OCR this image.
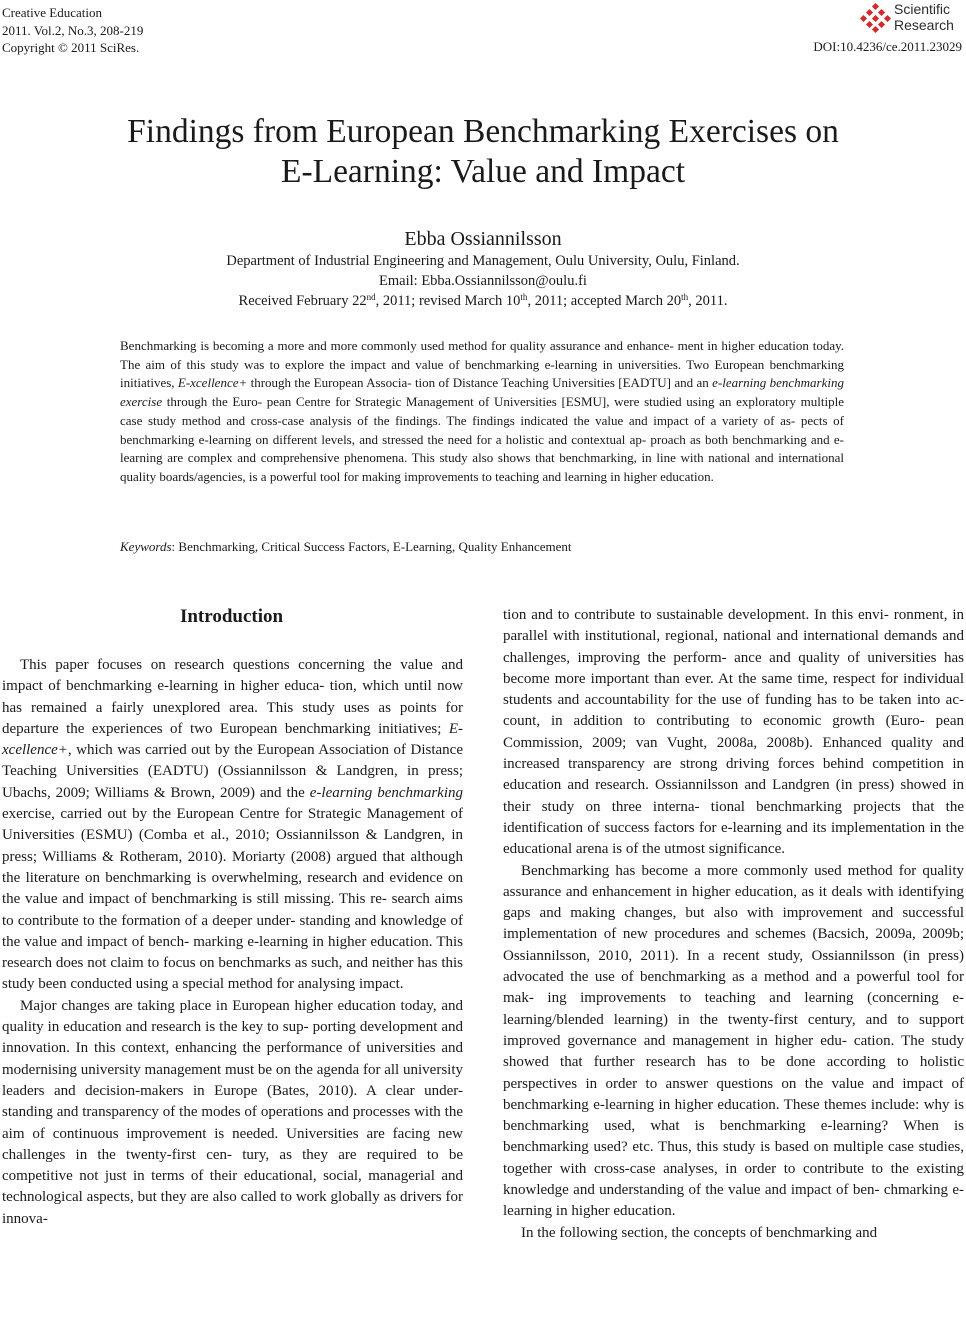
Creative Education
2011. Vol.2, No.3, 208-219
Copyright © 2011 SciRes.
Scientific
Research
DOI:10.4236/ce.2011.23029
Findings from European Benchmarking Exercises on
E-Learning: Value and Impact
Ebba Ossiannilsson
Department of Industrial Engineering and Management, Oulu University, Oulu, Finland.
Email: Ebba.Ossiannilsson@oulu.fi
Received February 22nd, 2011; revised March 10th, 2011; accepted March 20th, 2011.
Benchmarking is becoming a more and more commonly used method for quality assurance and enhance- ment in higher education today. The aim of this study was to explore the impact and value of benchmarking e-learning in universities. Two European benchmarking initiatives, E-xcellence+ through the European Associa- tion of Distance Teaching Universities [EADTU] and an e-learning benchmarking exercise through the Euro- pean Centre for Strategic Management of Universities [ESMU], were studied using an exploratory multiple case study method and cross-case analysis of the findings. The findings indicated the value and impact of a variety of as- pects of benchmarking e-learning on different levels, and stressed the need for a holistic and contextual ap- proach as both benchmarking and e-learning are complex and comprehensive phenomena. This study also shows that benchmarking, in line with national and international quality boards/agencies, is a powerful tool for making improvements to teaching and learning in higher education.
Keywords: Benchmarking, Critical Success Factors, E-Learning, Quality Enhancement
Introduction

This paper focuses on research questions concerning the value and impact of benchmarking e-learning in higher educa- tion, which until now has remained a fairly unexplored area. This study uses as points for departure the experiences of two European benchmarking initiatives; E-xcellence+, which was carried out by the European Association of Distance Teaching Universities (EADTU) (Ossiannilsson & Landgren, in press; Ubachs, 2009; Williams & Brown, 2009) and the e-learning benchmarking exercise, carried out by the European Centre for Strategic Management of Universities (ESMU) (Comba et al., 2010; Ossiannilsson & Landgren, in press; Williams & Rotheram, 2010). Moriarty (2008) argued that although the literature on benchmarking is overwhelming, research and evidence on the value and impact of benchmarking is still missing. This re- search aims to contribute to the formation of a deeper under- standing and knowledge of the value and impact of bench- marking e-learning in higher education. This research does not claim to focus on benchmarks as such, and neither has this study been conducted using a special method for analysing impact.

Major changes are taking place in European higher education today, and quality in education and research is the key to sup- porting development and innovation. In this context, enhancing the performance of universities and modernising university management must be on the agenda for all university leaders and decision-makers in Europe (Bates, 2010). A clear under- standing and transparency of the modes of operations and processes with the aim of continuous improvement is needed. Universities are facing new challenges in the twenty-first cen- tury, as they are required to be competitive not just in terms of their educational, social, managerial and technological aspects, but they are also called to work globally as drivers for innova-

tion and to contribute to sustainable development. In this envi- ronment, in parallel with institutional, regional, national and international demands and challenges, improving the perform- ance and quality of universities has become more important than ever. At the same time, respect for individual students and accountability for the use of funding has to be taken into ac- count, in addition to contributing to economic growth (Euro- pean Commission, 2009; van Vught, 2008a, 2008b). Enhanced quality and increased transparency are strong driving forces behind competition in education and research. Ossiannilsson and Landgren (in press) showed in their study on three interna- tional benchmarking projects that the identification of success factors for e-learning and its implementation in the educational arena is of the utmost significance.

Benchmarking has become a more commonly used method for quality assurance and enhancement in higher education, as it deals with identifying gaps and making changes, but also with improvement and successful implementation of new procedures and schemes (Bacsich, 2009a, 2009b; Ossiannilsson, 2010, 2011). In a recent study, Ossiannilsson (in press) advocated the use of benchmarking as a method and a powerful tool for mak- ing improvements to teaching and learning (concerning e- learning/blended learning) in the twenty-first century, and to support improved governance and management in higher edu- cation. The study showed that further research has to be done according to holistic perspectives in order to answer questions on the value and impact of benchmarking e-learning in higher education. These themes include: why is benchmarking used, what is benchmarking e-learning? When is benchmarking used? etc. Thus, this study is based on multiple case studies, together with cross-case analyses, in order to contribute to the existing knowledge and understanding of the value and impact of ben- chmarking e-learning in higher education.

In the following section, the concepts of benchmarking and
